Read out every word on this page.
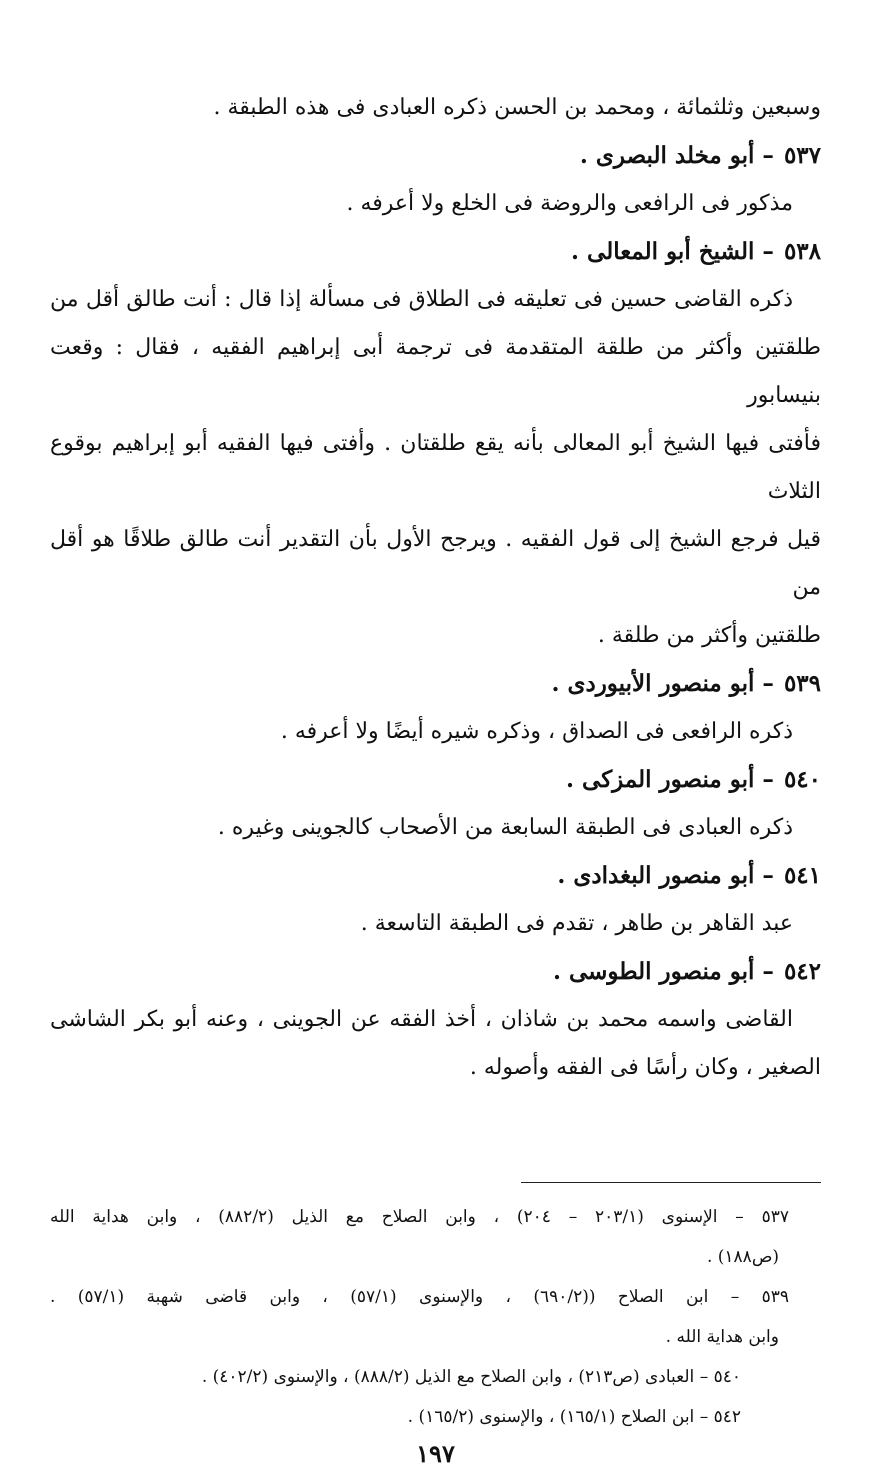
وسبعين وثلثمائة ، ومحمد بن الحسن ذكره العبادى فى هذه الطبقة .
٥٣٧
– أبو مخلد البصرى .
مذكور فى الرافعى والروضة فى الخلع ولا أعرفه .
٥٣٨
– الشيخ أبو المعالى .
ذكره القاضى حسين فى تعليقه فى الطلاق فى مسألة إذا قال : أنت طالق أقل من
طلقتين وأكثر من طلقة المتقدمة فى ترجمة أبى إبراهيم الفقيه ، فقال : وقعت بنيسابور
فأفتى فيها الشيخ أبو المعالى بأنه يقع طلقتان . وأفتى فيها الفقيه أبو إبراهيم بوقوع الثلاث
قيل فرجع الشيخ إلى قول الفقيه . ويرجح الأول بأن التقدير أنت طالق طلاقًا هو أقل من
طلقتين وأكثر من طلقة .
٥٣٩
– أبو منصور الأبيوردى .
ذكره الرافعى فى الصداق ، وذكره شيره أيضًا ولا أعرفه .
٥٤٠
– أبو منصور المزكى .
ذكره العبادى فى الطبقة السابعة من الأصحاب كالجوينى وغيره .
٥٤١
– أبو منصور البغدادى .
عبد القاهر بن طاهر ، تقدم فى الطبقة التاسعة .
٥٤٢
– أبو منصور الطوسى .
القاضى واسمه محمد بن شاذان ، أخذ الفقه عن الجوينى ، وعنه أبو بكر الشاشى
الصغير ، وكان رأسًا فى الفقه وأصوله .
٥٣٧ – الإسنوى (٢٠٣/١ – ٢٠٤) ، وابن الصلاح مع الذيل (٨٨٢/٢) ، وابن هداية الله
(ص١٨٨) .
٥٣٩ – ابن الصلاح ((٦٩٠/٢) ، والإسنوى (٥٧/١) ، وابن قاضى شهبة (٥٧/١) .
وابن هداية الله .
٥٤٠ – العبادى (ص٢١٣) ، وابن الصلاح مع الذيل (٨٨٨/٢) ، والإسنوى (٤٠٢/٢) .
٥٤٢ – ابن الصلاح (١٦٥/١) ، والإسنوى (١٦٥/٢) .
١٩٧
